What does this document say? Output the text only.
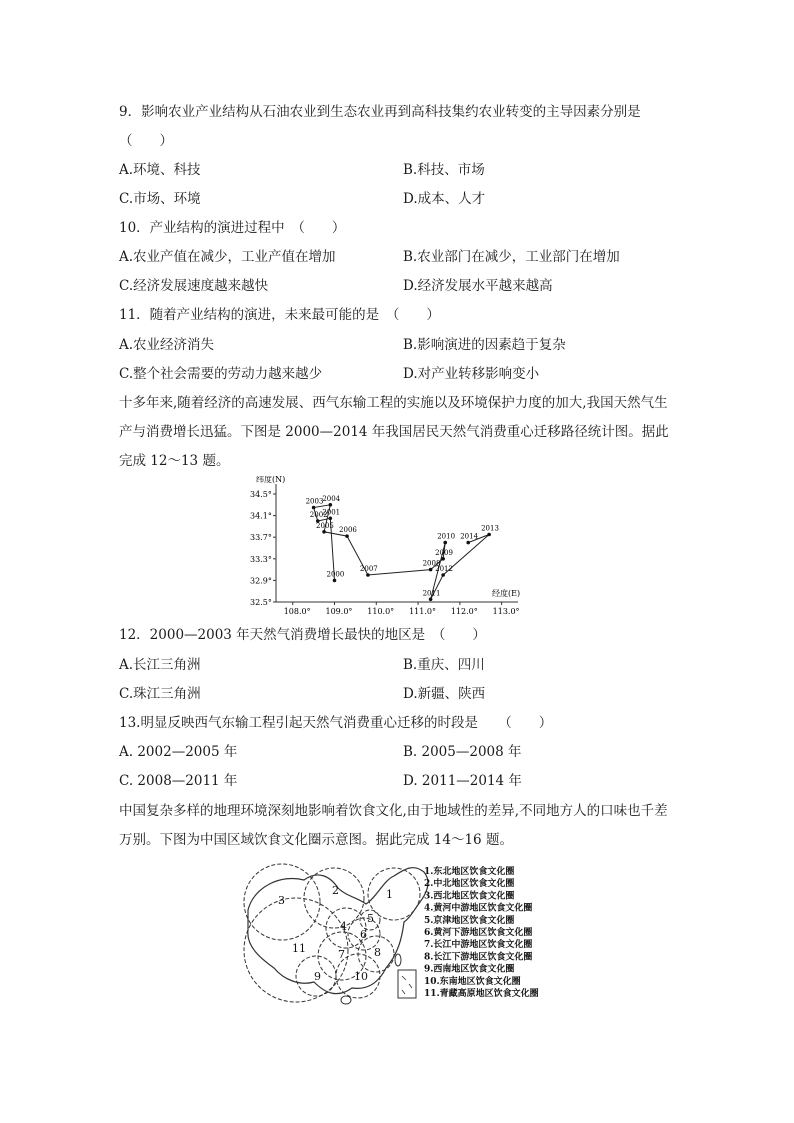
9．影响农业产业结构从石油农业到生态农业再到高科技集约农业转变的主导因素分别是
（　　）
A.环境、科技	B.科技、市场
C.市场、环境	D.成本、人才
10．产业结构的演进过程中　（　　）
A.农业产值在减少，工业产值在增加	B.农业部门在减少，工业部门在增加
C.经济发展速度越来越快	D.经济发展水平越来越高
11．随着产业结构的演进，未来最可能的是　（　　）
A.农业经济消失	B.影响演进的因素趋于复杂
C.整个社会需要的劳动力越来越少	D.对产业转移影响变小
十多年来,随着经济的高速发展、西气东输工程的实施以及环境保护力度的加大,我国天然气生产与消费增长迅猛。下图是 2000—2014 年我国居民天然气消费重心迁移路径统计图。据此完成 12～13 题。
纬度(N)
经度(E)
108.0° 109.0° 110.0° 111.0° 112.0° 113.0°
34.5°
34.1°
33.7°
33.3°
32.9°
32.5°
2000
2001
2002
2003
2004
2005
2006
2007
2008
2009
2010
2011
2012
2013
2014
12．2000—2003 年天然气消费增长最快的地区是　（　　）
A.长江三角洲	B.重庆、四川
C.珠江三角洲	D.新疆、陕西
13.明显反映西气东输工程引起天然气消费重心迁移的时段是　　（　　）
A. 2002—2005 年	B. 2005—2008 年
C. 2008—2011 年	D. 2011—2014 年
中国复杂多样的地理环境深刻地影响着饮食文化,由于地域性的差异,不同地方人的口味也千差万别。下图为中国区域饮食文化圈示意图。据此完成 14～16 题。
1
2
3
4
5
6
7	8
9	10
11
1.东北地区饮食文化圈
2.中北地区饮食文化圈
3.西北地区饮食文化圈
4.黄河中游地区饮食文化圈
5.京津地区饮食文化圈
6.黄河下游地区饮食文化圈
7.长江中游地区饮食文化圈
8.长江下游地区饮食文化圈
9.西南地区饮食文化圈
10.东南地区饮食文化圈
11.青藏高原地区饮食文化圈
